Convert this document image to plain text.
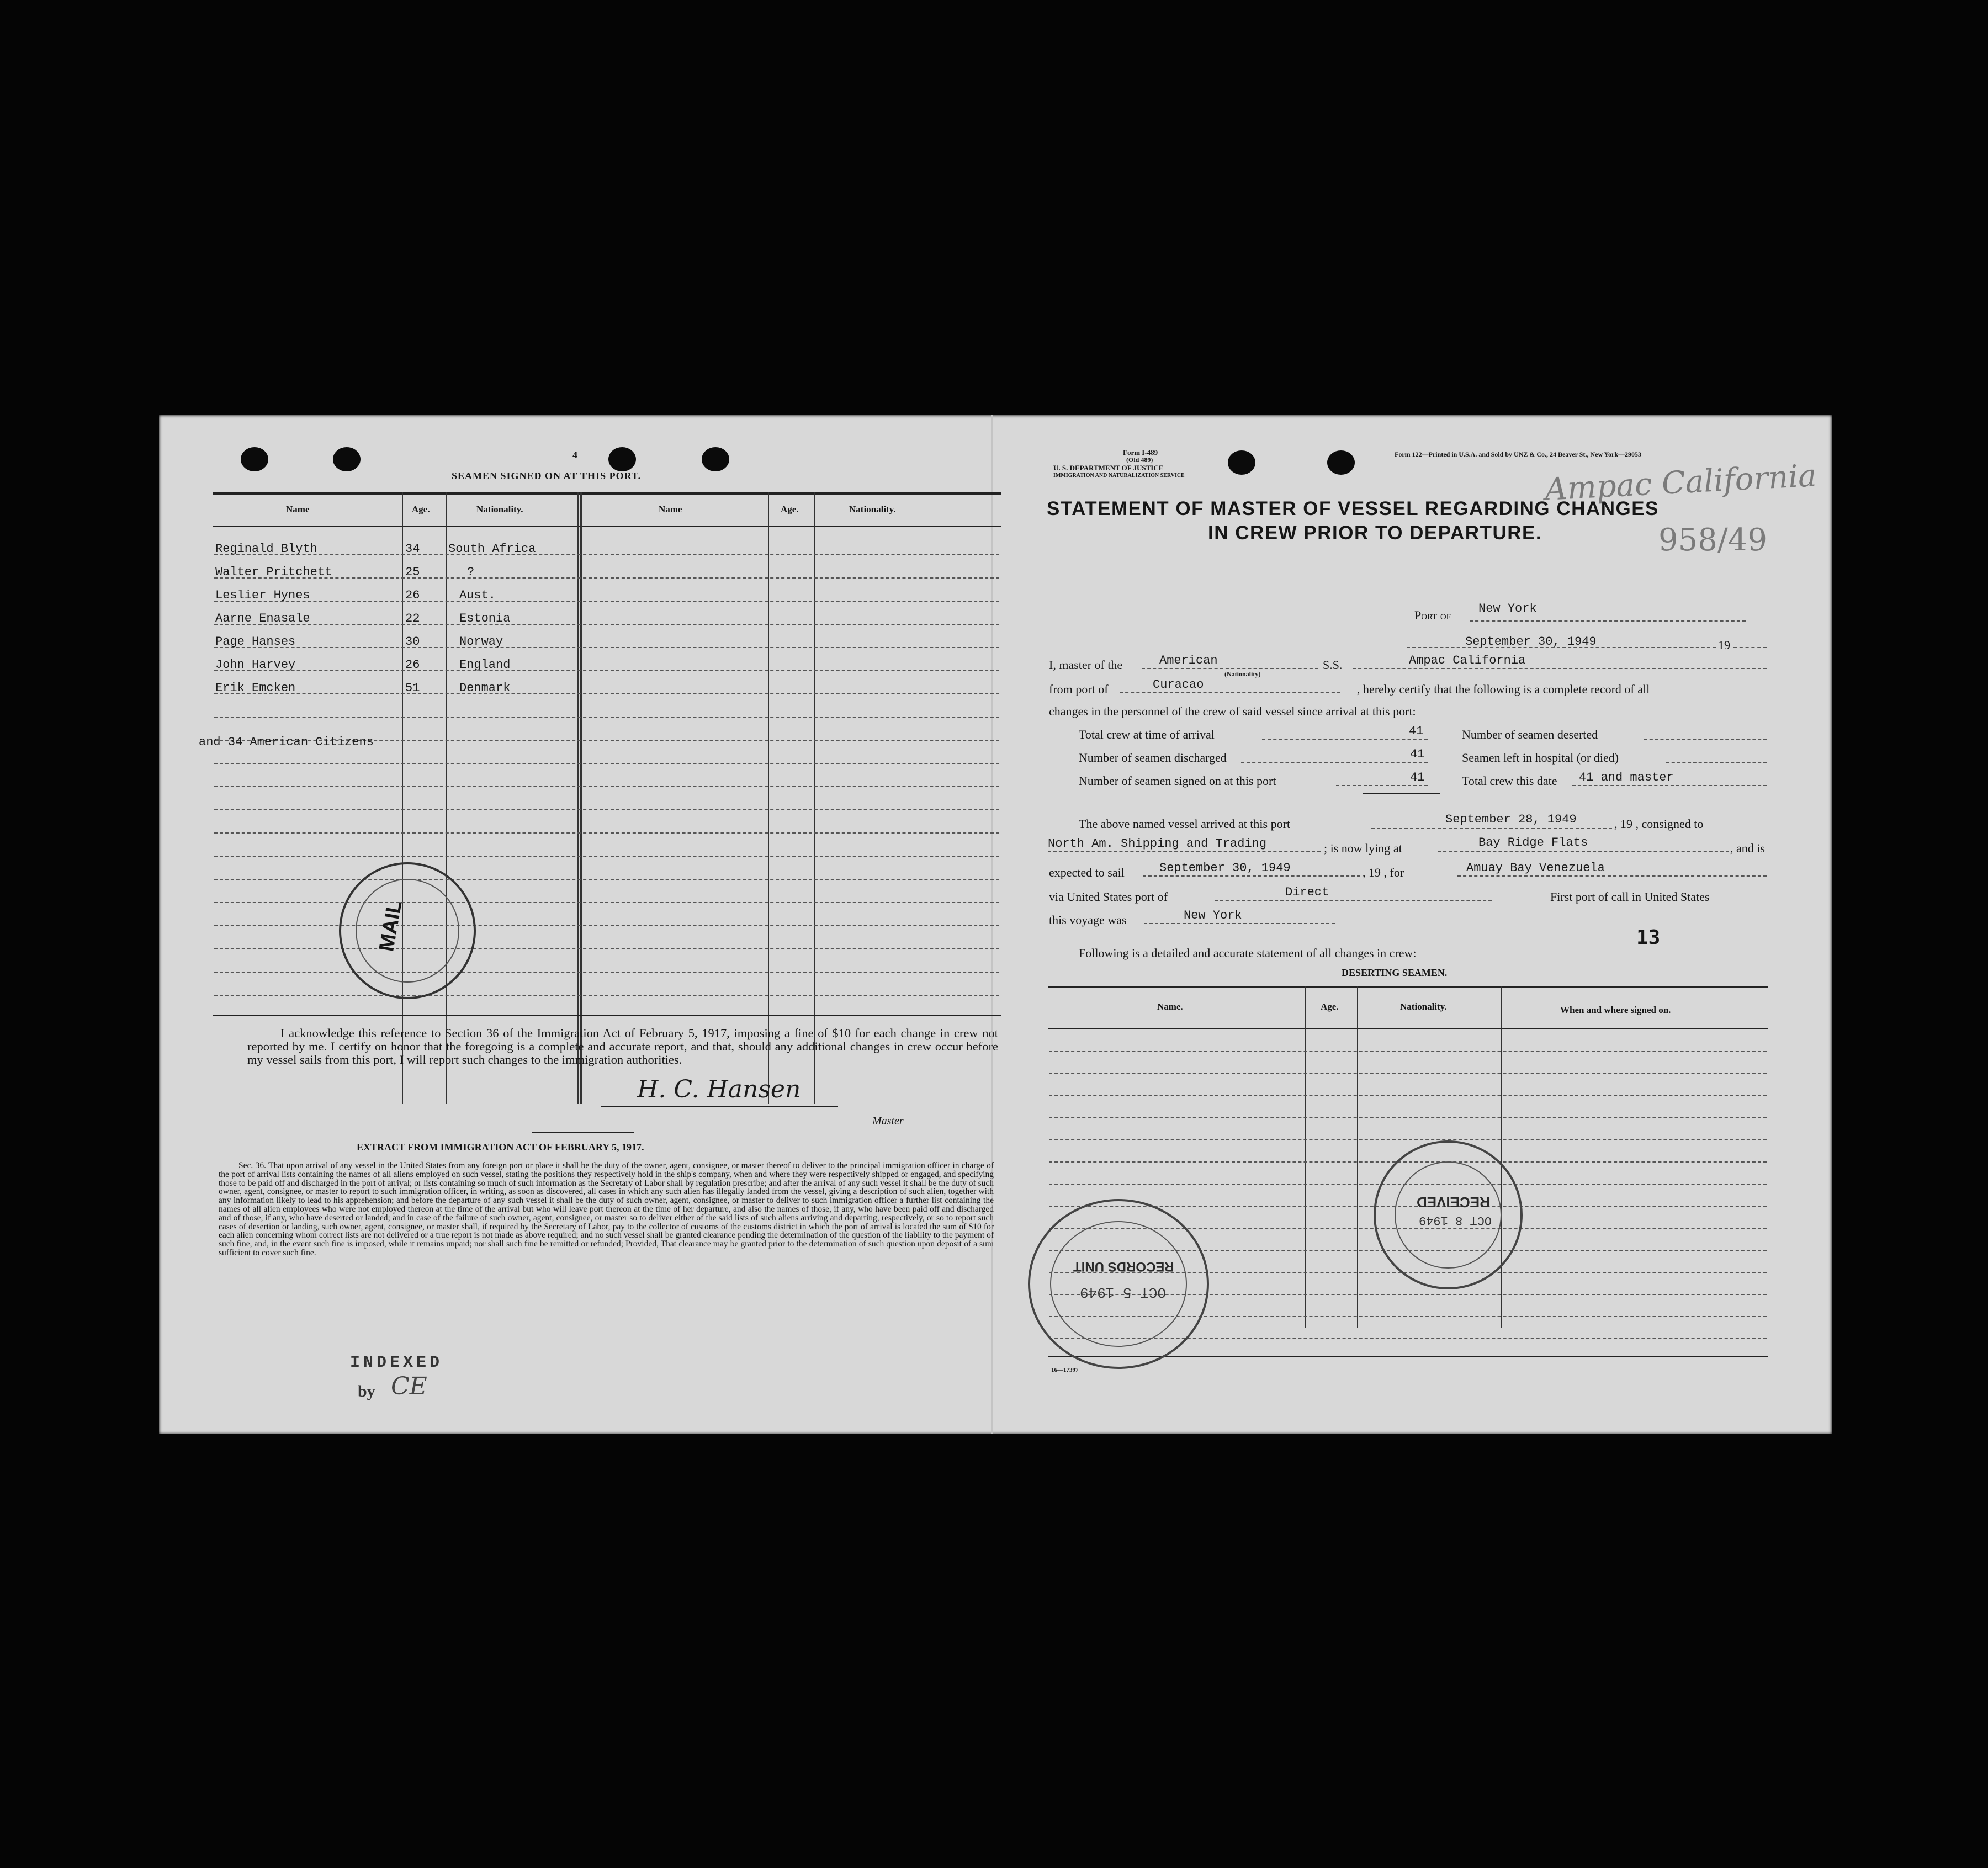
4
SEAMEN SIGNED ON AT THIS PORT.
Name	Age.	Nationality.	Name	Age.	Nationality.
Reginald Blyth	34 South Africa
Walter Pritchett	25	?
Leslier Hynes	26	Aust.
Aarne Enasale	22	Estonia
Page Hanses	30	Norway
John Harvey	26	England
Erik Emcken	51	Denmark
and 34 American Citizens
MAIL
I acknowledge this reference to Section 36 of the Immigration Act of February 5, 1917, imposing a fine of $10 for each change in crew not reported by me. I certify on honor that the foregoing is a complete and accurate report, and that, should any additional changes in crew occur before my vessel sails from this port, I will report such changes to the immigration authorities.
H. C. Hansen
Master
EXTRACT FROM IMMIGRATION ACT OF FEBRUARY 5, 1917.
Sec. 36. That upon arrival of any vessel in the United States from any foreign port or place it shall be the duty of the owner, agent, consignee, or master thereof to deliver to the principal immigration officer in charge of the port of arrival lists containing the names of all aliens employed on such vessel, stating the positions they respectively hold in the ship's company, when and where they were respectively shipped or engaged, and specifying those to be paid off and discharged in the port of arrival; or lists containing so much of such information as the Secretary of Labor shall by regulation prescribe; and after the arrival of any such vessel it shall be the duty of such owner, agent, consignee, or master to report to such immigration officer, in writing, as soon as discovered, all cases in which any such alien has illegally landed from the vessel, giving a description of such alien, together with any information likely to lead to his apprehension; and before the departure of any such vessel it shall be the duty of such owner, agent, consignee, or master to deliver to such immigration officer a further list containing the names of all alien employees who were not employed thereon at the time of the arrival but who will leave port thereon at the time of her departure, and also the names of those, if any, who have been paid off and discharged and of those, if any, who have deserted or landed; and in case of the failure of such owner, agent, consignee, or master so to deliver either of the said lists of such aliens arriving and departing, respectively, or so to report such cases of desertion or landing, such owner, agent, consignee, or master shall, if required by the Secretary of Labor, pay to the collector of customs of the customs district in which the port of arrival is located the sum of $10 for each alien concerning whom correct lists are not delivered or a true report is not made as above required; and no such vessel shall be granted clearance pending the determination of the question of the liability to the payment of such fine, and, in the event such fine is imposed, while it remains unpaid; nor shall such fine be remitted or refunded; Provided, That clearance may be granted prior to the determination of such question upon deposit of a sum sufficient to cover such fine.
INDEXED
by CE
Form I-489
(Old 489)
U. S. DEPARTMENT OF JUSTICE
IMMIGRATION AND NATURALIZATION SERVICE
Form 122—Printed in U.S.A. and Sold by UNZ & Co., 24 Beaver St., New York—29053
Ampac California
958/49
STATEMENT OF MASTER OF VESSEL REGARDING CHANGES
IN CREW PRIOR TO DEPARTURE.
Port of New York
September 30, 1949	19
I, master of the	American
(Nationality)
S.S.	Ampac California
from port of	Curacao	, hereby certify that the following is a complete record of all
changes in the personnel of the crew of said vessel since arrival at this port:
Total crew at time of arrival	41	Number of seamen deserted
Number of seamen discharged	41	Seamen left in hospital (or died)
Number of seamen signed on at this port	41	Total crew this date 41 and master
The above named vessel arrived at this port	September 28, 1949	, 19 , consigned to
North Am. Shipping and Trading	; is now lying at	Bay Ridge Flats	, and is
expected to sail	September 30, 1949	, 19 , for	Amuay Bay Venezuela
via United States port of	Direct	First port of call in United States
this voyage was	New York
Following is a detailed and accurate statement of all changes in crew:
13
DESERTING SEAMEN.
Name.	Age.	Nationality.	When and where signed on.
RECEIVED
OCT 8 1949
RECORDS UNIT
OCT 5 1949
16—17397
